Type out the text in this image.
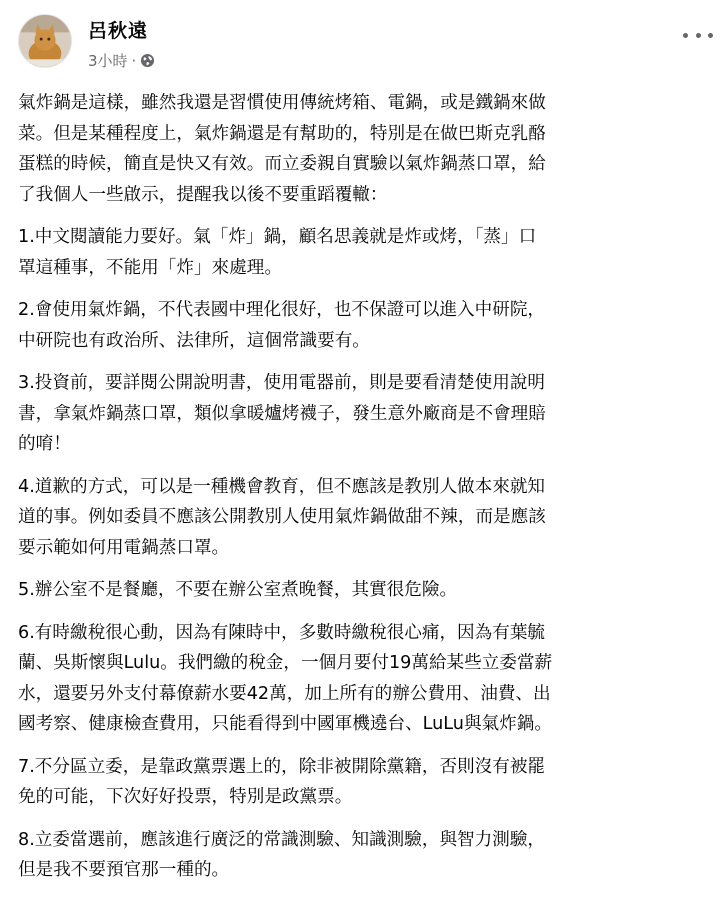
呂秋遠
3小時 ·

氣炸鍋是這樣，雖然我還是習慣使用傳統烤箱、電鍋，或是鐵鍋來做
菜。但是某種程度上，氣炸鍋還是有幫助的，特別是在做巴斯克乳酪
蛋糕的時候，簡直是快又有效。而立委親自實驗以氣炸鍋蒸口罩，給
了我個人一些啟示，提醒我以後不要重蹈覆轍：

1.中文閱讀能力要好。氣「炸」鍋，顧名思義就是炸或烤，「蒸」口
罩這種事，不能用「炸」來處理。

2.會使用氣炸鍋，不代表國中理化很好，也不保證可以進入中研院，
中研院也有政治所、法律所，這個常識要有。

3.投資前，要詳閱公開說明書，使用電器前，則是要看清楚使用說明
書，拿氣炸鍋蒸口罩，類似拿暖爐烤襪子，發生意外廠商是不會理賠
的唷！

4.道歉的方式，可以是一種機會教育，但不應該是教別人做本來就知
道的事。例如委員不應該公開教別人使用氣炸鍋做甜不辣，而是應該
要示範如何用電鍋蒸口罩。

5.辦公室不是餐廳，不要在辦公室煮晚餐，其實很危險。

6.有時繳稅很心動，因為有陳時中，多數時繳稅很心痛，因為有葉毓
蘭、吳斯懷與Lulu。我們繳的稅金，一個月要付19萬給某些立委當薪
水，還要另外支付幕僚薪水要42萬，加上所有的辦公費用、油費、出
國考察、健康檢查費用，只能看得到中國軍機遶台、LuLu與氣炸鍋。

7.不分區立委，是靠政黨票選上的，除非被開除黨籍，否則沒有被罷
免的可能，下次好好投票，特別是政黨票。

8.立委當選前，應該進行廣泛的常識測驗、知識測驗，與智力測驗，
但是我不要預官那一種的。
